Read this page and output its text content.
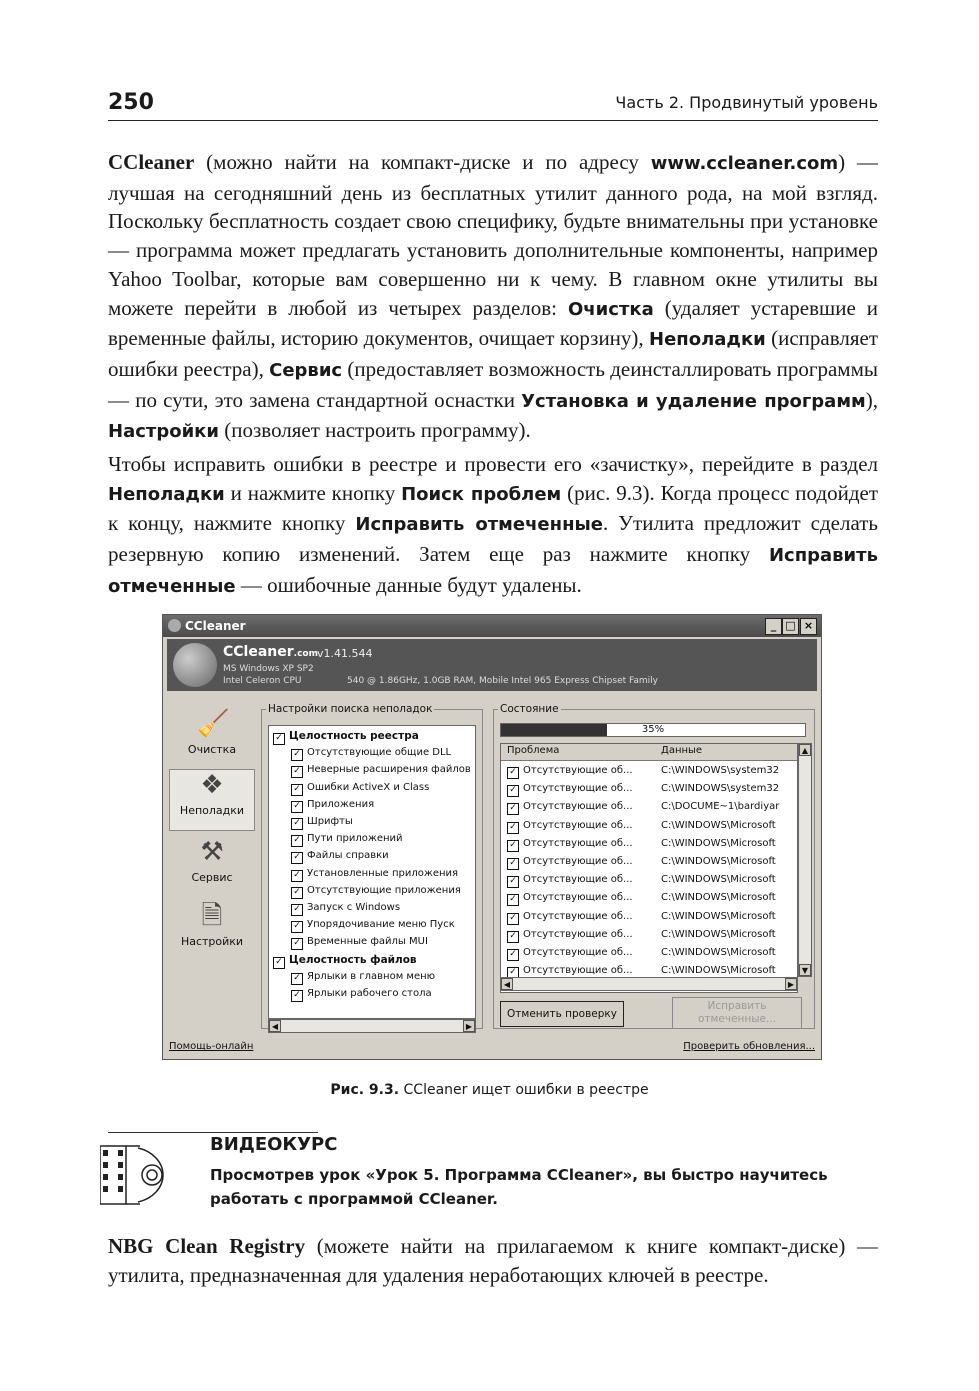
250	Часть 2. Продвинутый уровень

CCleaner (можно найти на компакт-диске и по адресу www.ccleaner.com) — лучшая на сегодняшний день из бесплатных утилит данного рода, на мой взгляд. Поскольку бесплатность создает свою специфику, будьте внимательны при установке — программа может предлагать установить дополнительные компоненты, например Yahoo Toolbar, которые вам совершенно ни к чему. В главном окне утилиты вы можете перейти в любой из четырех разделов: Очистка (удаляет устаревшие и временные файлы, историю документов, очищает корзину), Неполадки (исправляет ошибки реестра), Сервис (предоставляет возможность деинсталлировать программы — по сути, это замена стандартной оснастки Установка и удаление программ), Настройки (позволяет настроить программу).

Чтобы исправить ошибки в реестре и провести его «зачистку», перейдите в раздел Неполадки и нажмите кнопку Поиск проблем (рис. 9.3). Когда процесс подойдет к концу, нажмите кнопку Исправить отмеченные. Утилита предложит сделать резервную копию изменений. Затем еще раз нажмите кнопку Исправить отмеченные — ошибочные данные будут удалены.

CCleaner	_ □ ×
CCleaner.com v1.41.544
MS Windows XP SP2
Intel Celeron CPU	540 @ 1.86GHz, 1.0GB RAM, Mobile Intel 965 Express Chipset Family
🧹
Очистка
❖
Неполадки
⚒
Сервис
🗎
Настройки
Настройки поиска неполадок
✓ Целостность реестра
✓ Отсутствующие общие DLL
✓ Неверные расширения файлов
✓ Ошибки ActiveX и Class
✓ Приложения
✓ Шрифты
✓ Пути приложений
✓ Файлы справки
✓ Установленные приложения
✓ Отсутствующие приложения
✓ Запуск с Windows
✓ Упорядочивание меню Пуск
✓ Временные файлы MUI
✓ Целостность файлов
✓ Ярлыки в главном меню
✓ Ярлыки рабочего стола
◀	▶
Состояние
35%
Проблема	Данные
✓ Отсутствующие об...	C:\WINDOWS\system32
✓ Отсутствующие об...	C:\WINDOWS\system32
✓ Отсутствующие об...	C:\DOCUME~1\bardiyar
✓ Отсутствующие об...	C:\WINDOWS\Microsoft
✓ Отсутствующие об...	C:\WINDOWS\Microsoft
✓ Отсутствующие об...	C:\WINDOWS\Microsoft
✓ Отсутствующие об...	C:\WINDOWS\Microsoft
✓ Отсутствующие об...	C:\WINDOWS\Microsoft
✓ Отсутствующие об...	C:\WINDOWS\Microsoft
✓ Отсутствующие об...	C:\WINDOWS\Microsoft
✓ Отсутствующие об...	C:\WINDOWS\Microsoft
✓ Отсутствующие об...	C:\WINDOWS\Microsoft
▲
▼
◀	▶
Отменить проверку
Исправить
отмеченные...
Помощь-онлайн	Проверить обновления...
Рис. 9.3. CCleaner ищет ошибки в реестре
ВИДЕОКУРС

Просмотрев урок «Урок 5. Программа CCleaner», вы быстро научитесь работать с программой CCleaner.

NBG Clean Registry (можете найти на прилагаемом к книге компакт-диске) — утилита, предназначенная для удаления неработающих ключей в реестре.
